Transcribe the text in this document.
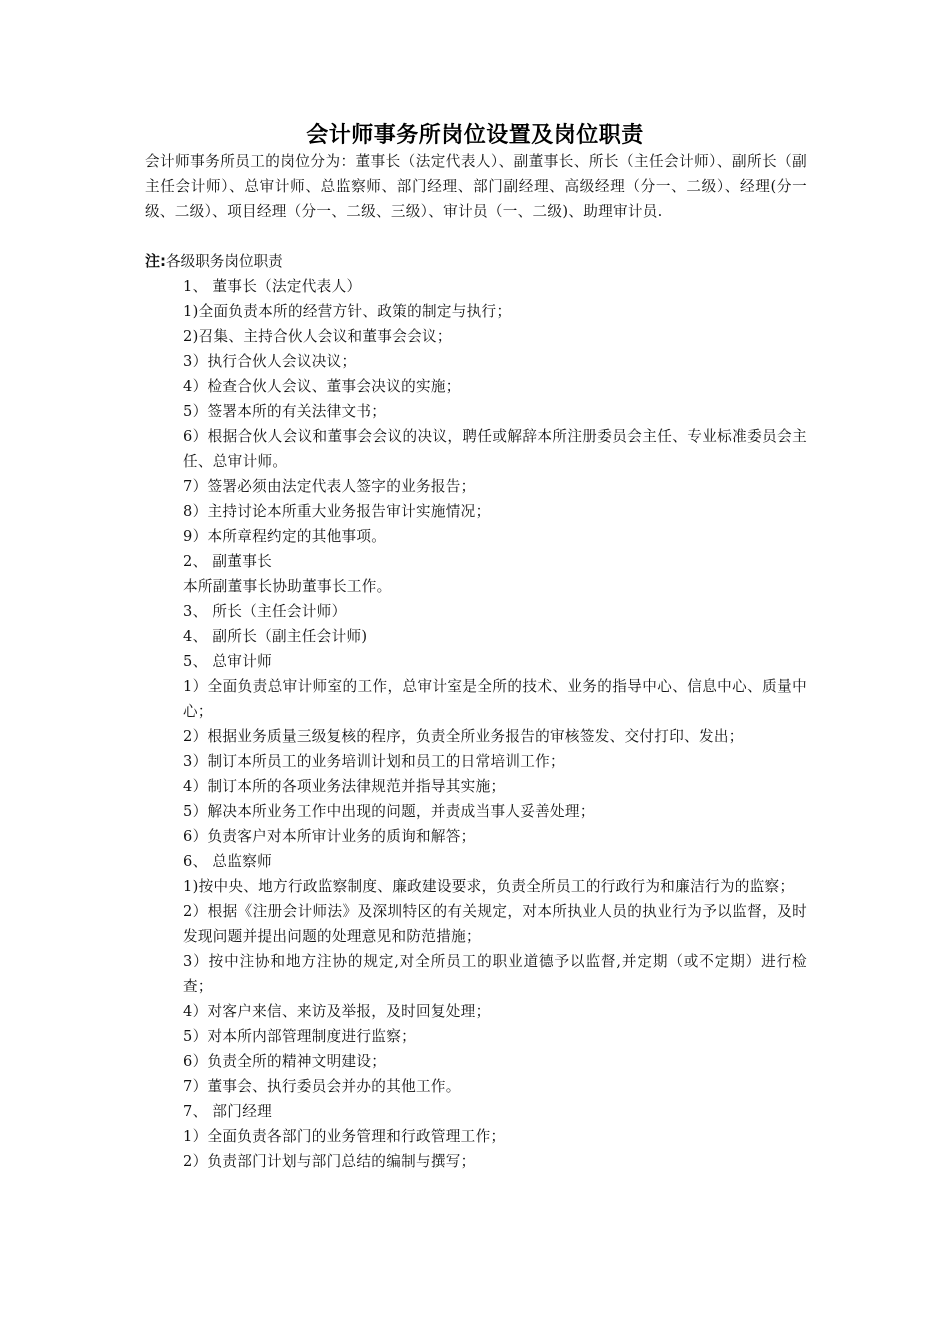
会计师事务所岗位设置及岗位职责
会计师事务所员工的岗位分为：董事长（法定代表人）、副董事长、所长（主任会计师）、副所长（副主任会计师）、总审计师、总监察师、部门经理、部门副经理、高级经理（分一、二级）、经理(分一级、二级）、项目经理（分一、二级、三级）、审计员（一、二级)、助理审计员.
注:各级职务岗位职责
1、 董事长（法定代表人）
1)全面负责本所的经营方针、政策的制定与执行；
2)召集、主持合伙人会议和董事会会议；
3）执行合伙人会议决议；
4）检查合伙人会议、董事会决议的实施；
5）签署本所的有关法律文书；
6）根据合伙人会议和董事会会议的决议，聘任或解辞本所注册委员会主任、专业标准委员会主任、总审计师。
7）签署必须由法定代表人签字的业务报告；
8）主持讨论本所重大业务报告审计实施情况；
9）本所章程约定的其他事项。
2、 副董事长
本所副董事长协助董事长工作。
3、 所长（主任会计师）
4、 副所长（副主任会计师)
5、 总审计师
1）全面负责总审计师室的工作，总审计室是全所的技术、业务的指导中心、信息中心、质量中心；
2）根据业务质量三级复核的程序，负责全所业务报告的审核签发、交付打印、发出；
3）制订本所员工的业务培训计划和员工的日常培训工作；
4）制订本所的各项业务法律规范并指导其实施；
5）解决本所业务工作中出现的问题，并责成当事人妥善处理；
6）负责客户对本所审计业务的质询和解答；
6、 总监察师
1)按中央、地方行政监察制度、廉政建设要求，负责全所员工的行政行为和廉洁行为的监察；
2）根据《注册会计师法》及深圳特区的有关规定，对本所执业人员的执业行为予以监督，及时发现问题并提出问题的处理意见和防范措施；
3）按中注协和地方注协的规定,对全所员工的职业道德予以监督,并定期（或不定期）进行检查；
4）对客户来信、来访及举报，及时回复处理；
5）对本所内部管理制度进行监察；
6）负责全所的精神文明建设；
7）董事会、执行委员会并办的其他工作。
7、 部门经理
1）全面负责各部门的业务管理和行政管理工作；
2）负责部门计划与部门总结的编制与撰写；
